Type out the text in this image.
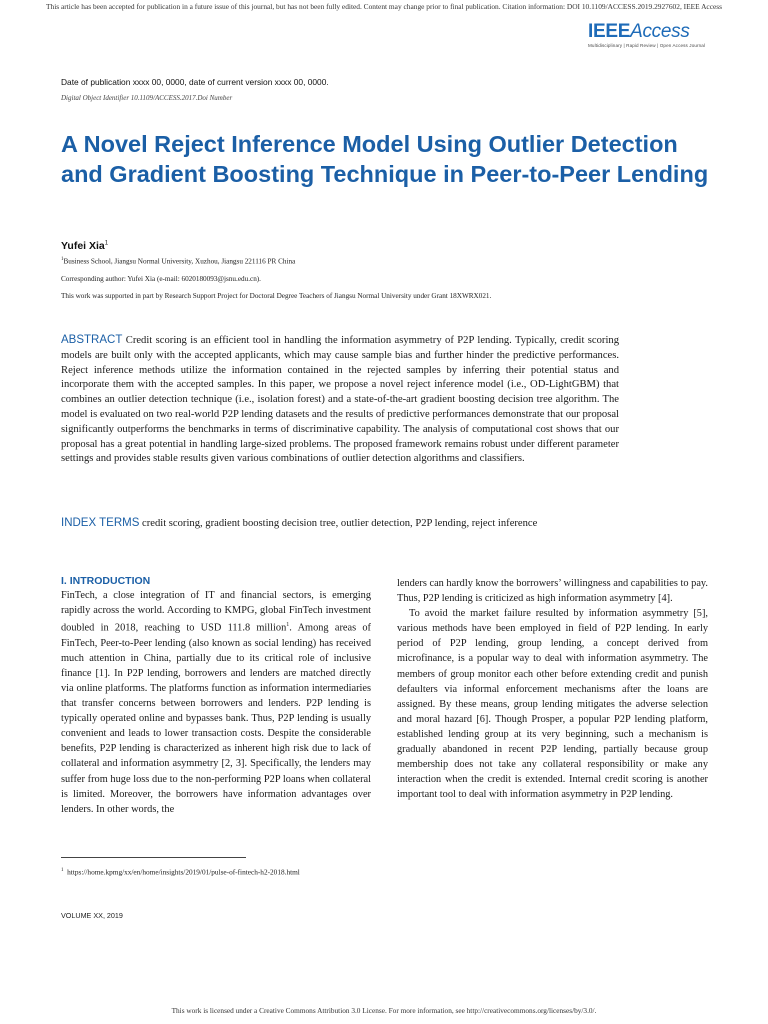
This article has been accepted for publication in a future issue of this journal, but has not been fully edited. Content may change prior to final publication. Citation information: DOI 10.1109/ACCESS.2019.2927602, IEEE Access
IEEEAccess
Multidisciplinary | Rapid Review | Open Access Journal
Date of publication xxxx 00, 0000, date of current version xxxx 00, 0000.
Digital Object Identifier 10.1109/ACCESS.2017.Doi Number
A Novel Reject Inference Model Using Outlier Detection and Gradient Boosting Technique in Peer-to-Peer Lending
Yufei Xia$^1$
$^1$Business School, Jiangsu Normal University, Xuzhou, Jiangsu 221116 PR China
Corresponding author: Yufei Xia (e-mail: 6020180093@jsnu.edu.cn).
This work was supported in part by Research Support Project for Doctoral Degree Teachers of Jiangsu Normal University under Grant 18XWRX021.
ABSTRACT Credit scoring is an efficient tool in handling the information asymmetry of P2P lending. Typically, credit scoring models are built only with the accepted applicants, which may cause sample bias and further hinder the predictive performances. Reject inference methods utilize the information contained in the rejected samples by inferring their potential status and incorporate them with the accepted samples. In this paper, we propose a novel reject inference model (i.e., OD-LightGBM) that combines an outlier detection technique (i.e., isolation forest) and a state-of-the-art gradient boosting decision tree algorithm. The model is evaluated on two real-world P2P lending datasets and the results of predictive performances demonstrate that our proposal significantly outperforms the benchmarks in terms of discriminative capability. The analysis of computational cost shows that our proposal has a great potential in handling large-sized problems. The proposed framework remains robust under different parameter settings and provides stable results given various combinations of outlier detection algorithms and classifiers.
INDEX TERMS credit scoring, gradient boosting decision tree, outlier detection, P2P lending, reject inference
I. INTRODUCTION

FinTech, a close integration of IT and financial sectors, is emerging rapidly across the world. According to KMPG, global FinTech investment doubled in 2018, reaching to USD 111.8 million$^1$. Among areas of FinTech, Peer-to-Peer lending (also known as social lending) has received much attention in China, partially due to its critical role of inclusive finance [1]. In P2P lending, borrowers and lenders are matched directly via online platforms. The platforms function as information intermediaries that transfer concerns between borrowers and lenders. P2P lending is typically operated online and bypasses bank. Thus, P2P lending is usually convenient and leads to lower transaction costs. Despite the considerable benefits, P2P lending is characterized as inherent high risk due to lack of collateral and information asymmetry [2, 3]. Specifically, the lenders may suffer from huge loss due to the non-performing P2P loans when collateral is limited. Moreover, the borrowers have information advantages over lenders. In other words, the

lenders can hardly know the borrowers’ willingness and capabilities to pay. Thus, P2P lending is criticized as high information asymmetry [4].

To avoid the market failure resulted by information asymmetry [5], various methods have been employed in field of P2P lending. In early period of P2P lending, group lending, a concept derived from microfinance, is a popular way to deal with information asymmetry. The members of group monitor each other before extending credit and punish defaulters via informal enforcement mechanisms after the loans are assigned. By these means, group lending mitigates the adverse selection and moral hazard [6]. Though Prosper, a popular P2P lending platform, established lending group at its very beginning, such a mechanism is gradually abandoned in recent P2P lending, partially because group membership does not take any collateral responsibility or make any interaction when the credit is extended. Internal credit scoring is another important tool to deal with information asymmetry in P2P lending.

$^1$ https://home.kpmg/xx/en/home/insights/2019/01/pulse-of-fintech-h2-2018.html
VOLUME XX, 2019
This work is licensed under a Creative Commons Attribution 3.0 License. For more information, see http://creativecommons.org/licenses/by/3.0/.
